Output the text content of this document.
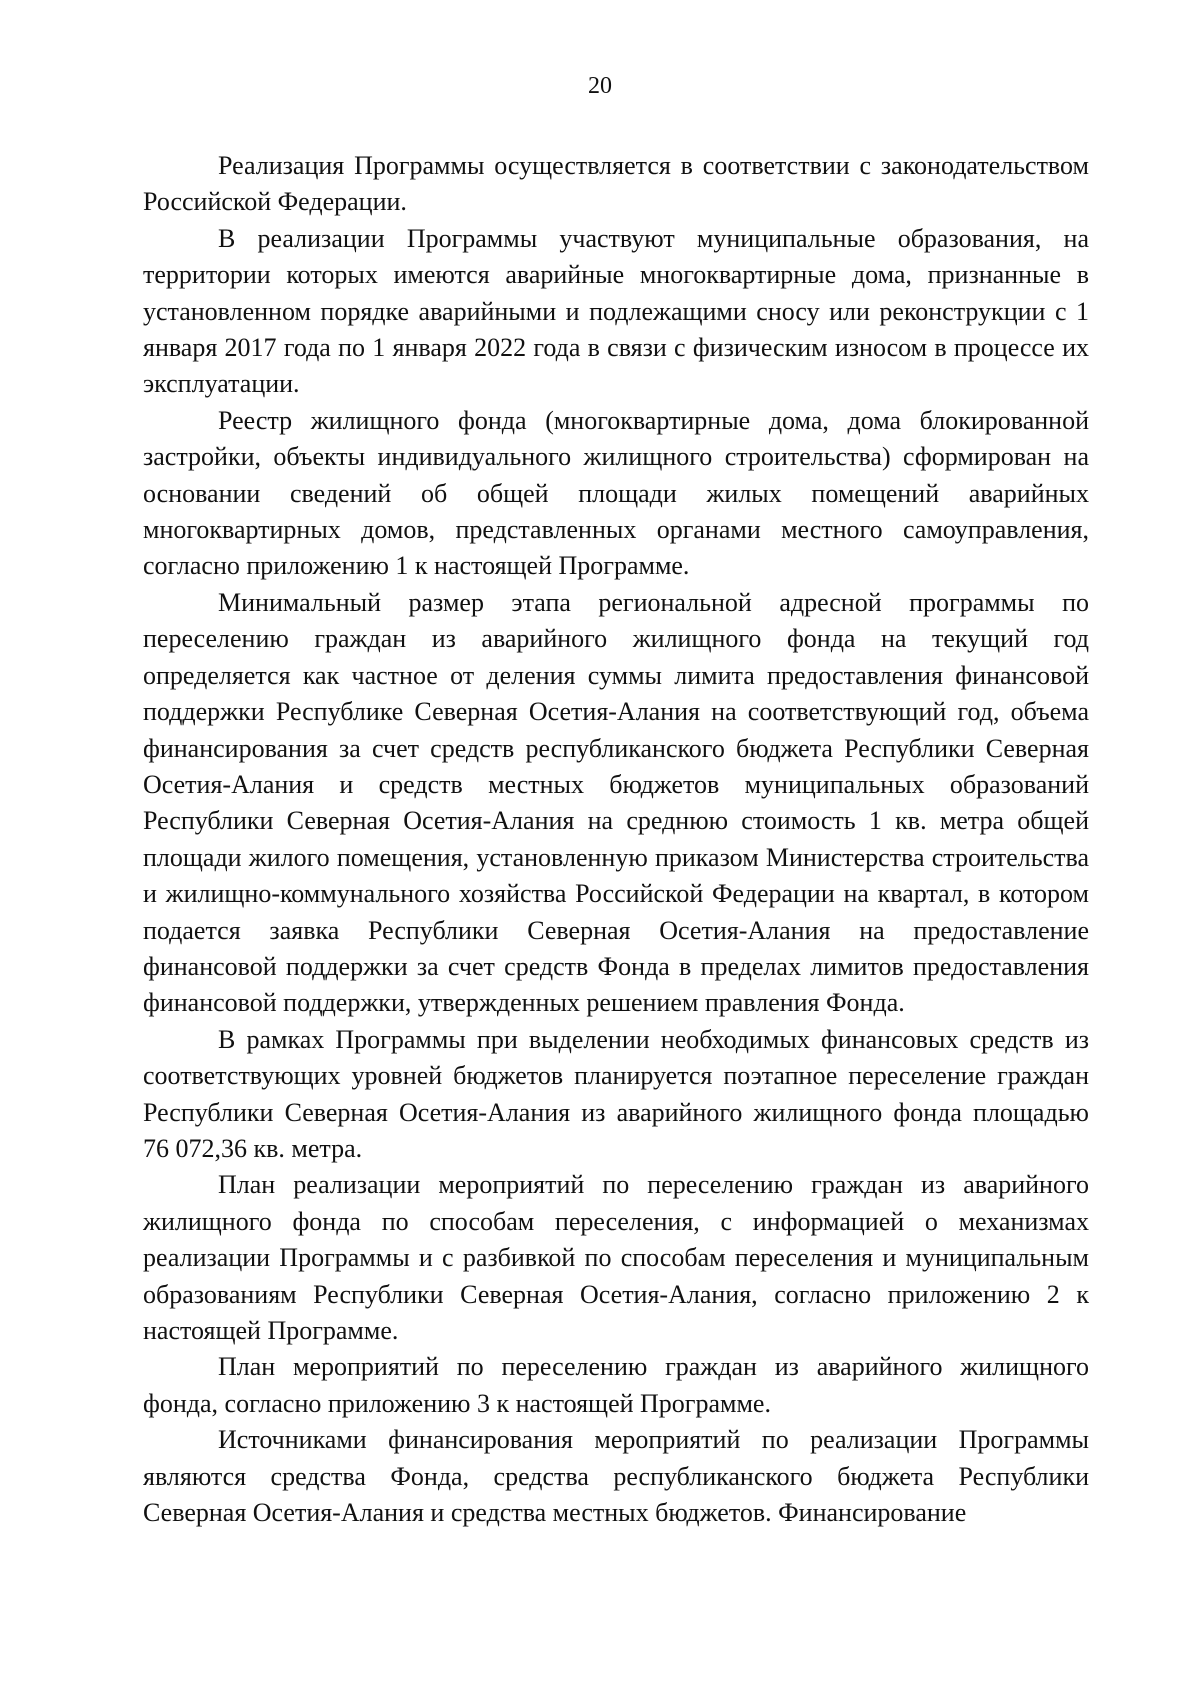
20

Реализация Программы осуществляется в соответствии с законодательством Российской Федерации.

В реализации Программы участвуют муниципальные образования, на территории которых имеются аварийные многоквартирные дома, признанные в установленном порядке аварийными и подлежащими сносу или реконструкции с 1 января 2017 года по 1 января 2022 года в связи с физическим износом в процессе их эксплуатации.

Реестр жилищного фонда (многоквартирные дома, дома блокированной застройки, объекты индивидуального жилищного строительства) сформирован на основании сведений об общей площади жилых помещений аварийных многоквартирных домов, представленных органами местного самоуправления, согласно приложению 1 к настоящей Программе.

Минимальный размер этапа региональной адресной программы по переселению граждан из аварийного жилищного фонда на текущий год определяется как частное от деления суммы лимита предоставления финансовой поддержки Республике Северная Осетия-Алания на соответствующий год, объема финансирования за счет средств республиканского бюджета Республики Северная Осетия-Алания и средств местных бюджетов муниципальных образований Республики Северная Осетия-Алания на среднюю стоимость 1 кв. метра общей площади жилого помещения, установленную приказом Министерства строительства и жилищно-коммунального хозяйства Российской Федерации на квартал, в котором подается заявка Республики Северная Осетия-Алания на предоставление финансовой поддержки за счет средств Фонда в пределах лимитов предоставления финансовой поддержки, утвержденных решением правления Фонда.

В рамках Программы при выделении необходимых финансовых средств из соответствующих уровней бюджетов планируется поэтапное переселение граждан Республики Северная Осетия-Алания из аварийного жилищного фонда площадью 76 072,36 кв. метра.

План реализации мероприятий по переселению граждан из аварийного жилищного фонда по способам переселения, с информацией о механизмах реализации Программы и с разбивкой по способам переселения и муниципальным образованиям Республики Северная Осетия-Алания, согласно приложению 2 к настоящей Программе.

План мероприятий по переселению граждан из аварийного жилищного фонда, согласно приложению 3 к настоящей Программе.

Источниками финансирования мероприятий по реализации Программы являются средства Фонда, средства республиканского бюджета Республики Северная Осетия-Алания и средства местных бюджетов. Финансирование
